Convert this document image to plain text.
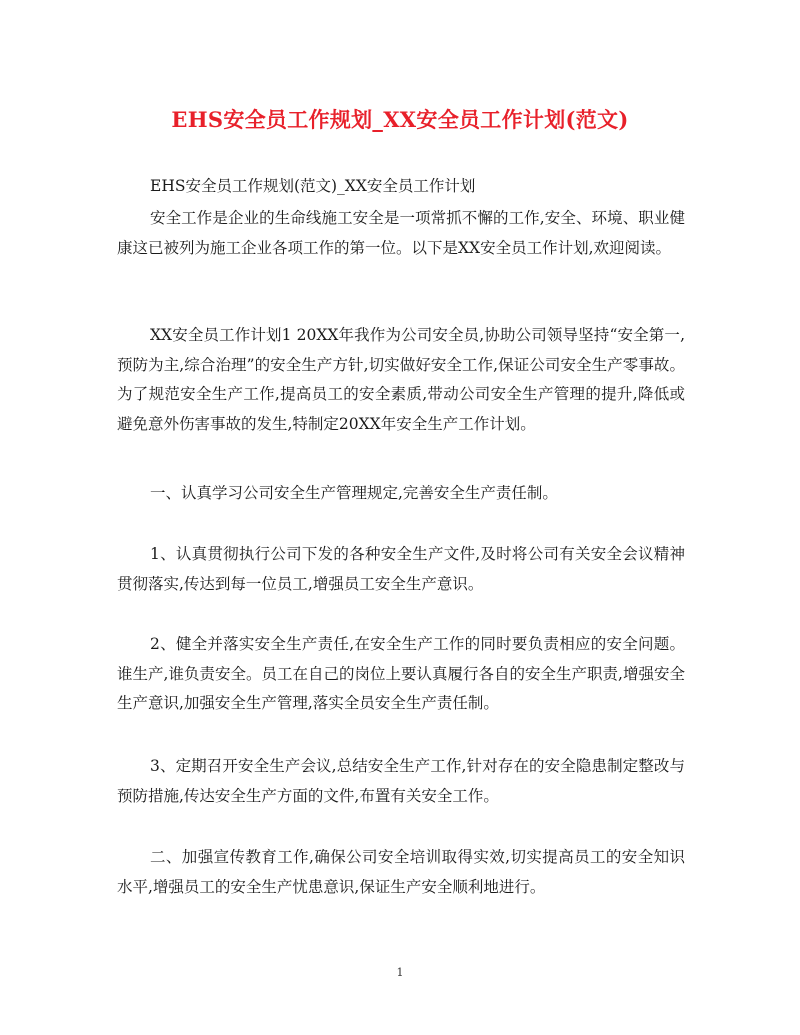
EHS安全员工作规划_XX安全员工作计划(范文)

EHS安全员工作规划(范文)_XX安全员工作计划

安全工作是企业的生命线施工安全是一项常抓不懈的工作,安全、环境、职业健康这已被列为施工企业各项工作的第一位。以下是XX安全员工作计划,欢迎阅读。

XX安全员工作计划1 20XX年我作为公司安全员,协助公司领导坚持“安全第一,预防为主,综合治理”的安全生产方针,切实做好安全工作,保证公司安全生产零事故。为了规范安全生产工作,提高员工的安全素质,带动公司安全生产管理的提升,降低或避免意外伤害事故的发生,特制定20XX年安全生产工作计划。

一、认真学习公司安全生产管理规定,完善安全生产责任制。

1、认真贯彻执行公司下发的各种安全生产文件,及时将公司有关安全会议精神贯彻落实,传达到每一位员工,增强员工安全生产意识。

2、健全并落实安全生产责任,在安全生产工作的同时要负责相应的安全问题。谁生产,谁负责安全。员工在自己的岗位上要认真履行各自的安全生产职责,增强安全生产意识,加强安全生产管理,落实全员安全生产责任制。

3、定期召开安全生产会议,总结安全生产工作,针对存在的安全隐患制定整改与预防措施,传达安全生产方面的文件,布置有关安全工作。

二、加强宣传教育工作,确保公司安全培训取得实效,切实提高员工的安全知识水平,增强员工的安全生产忧患意识,保证生产安全顺利地进行。

1
